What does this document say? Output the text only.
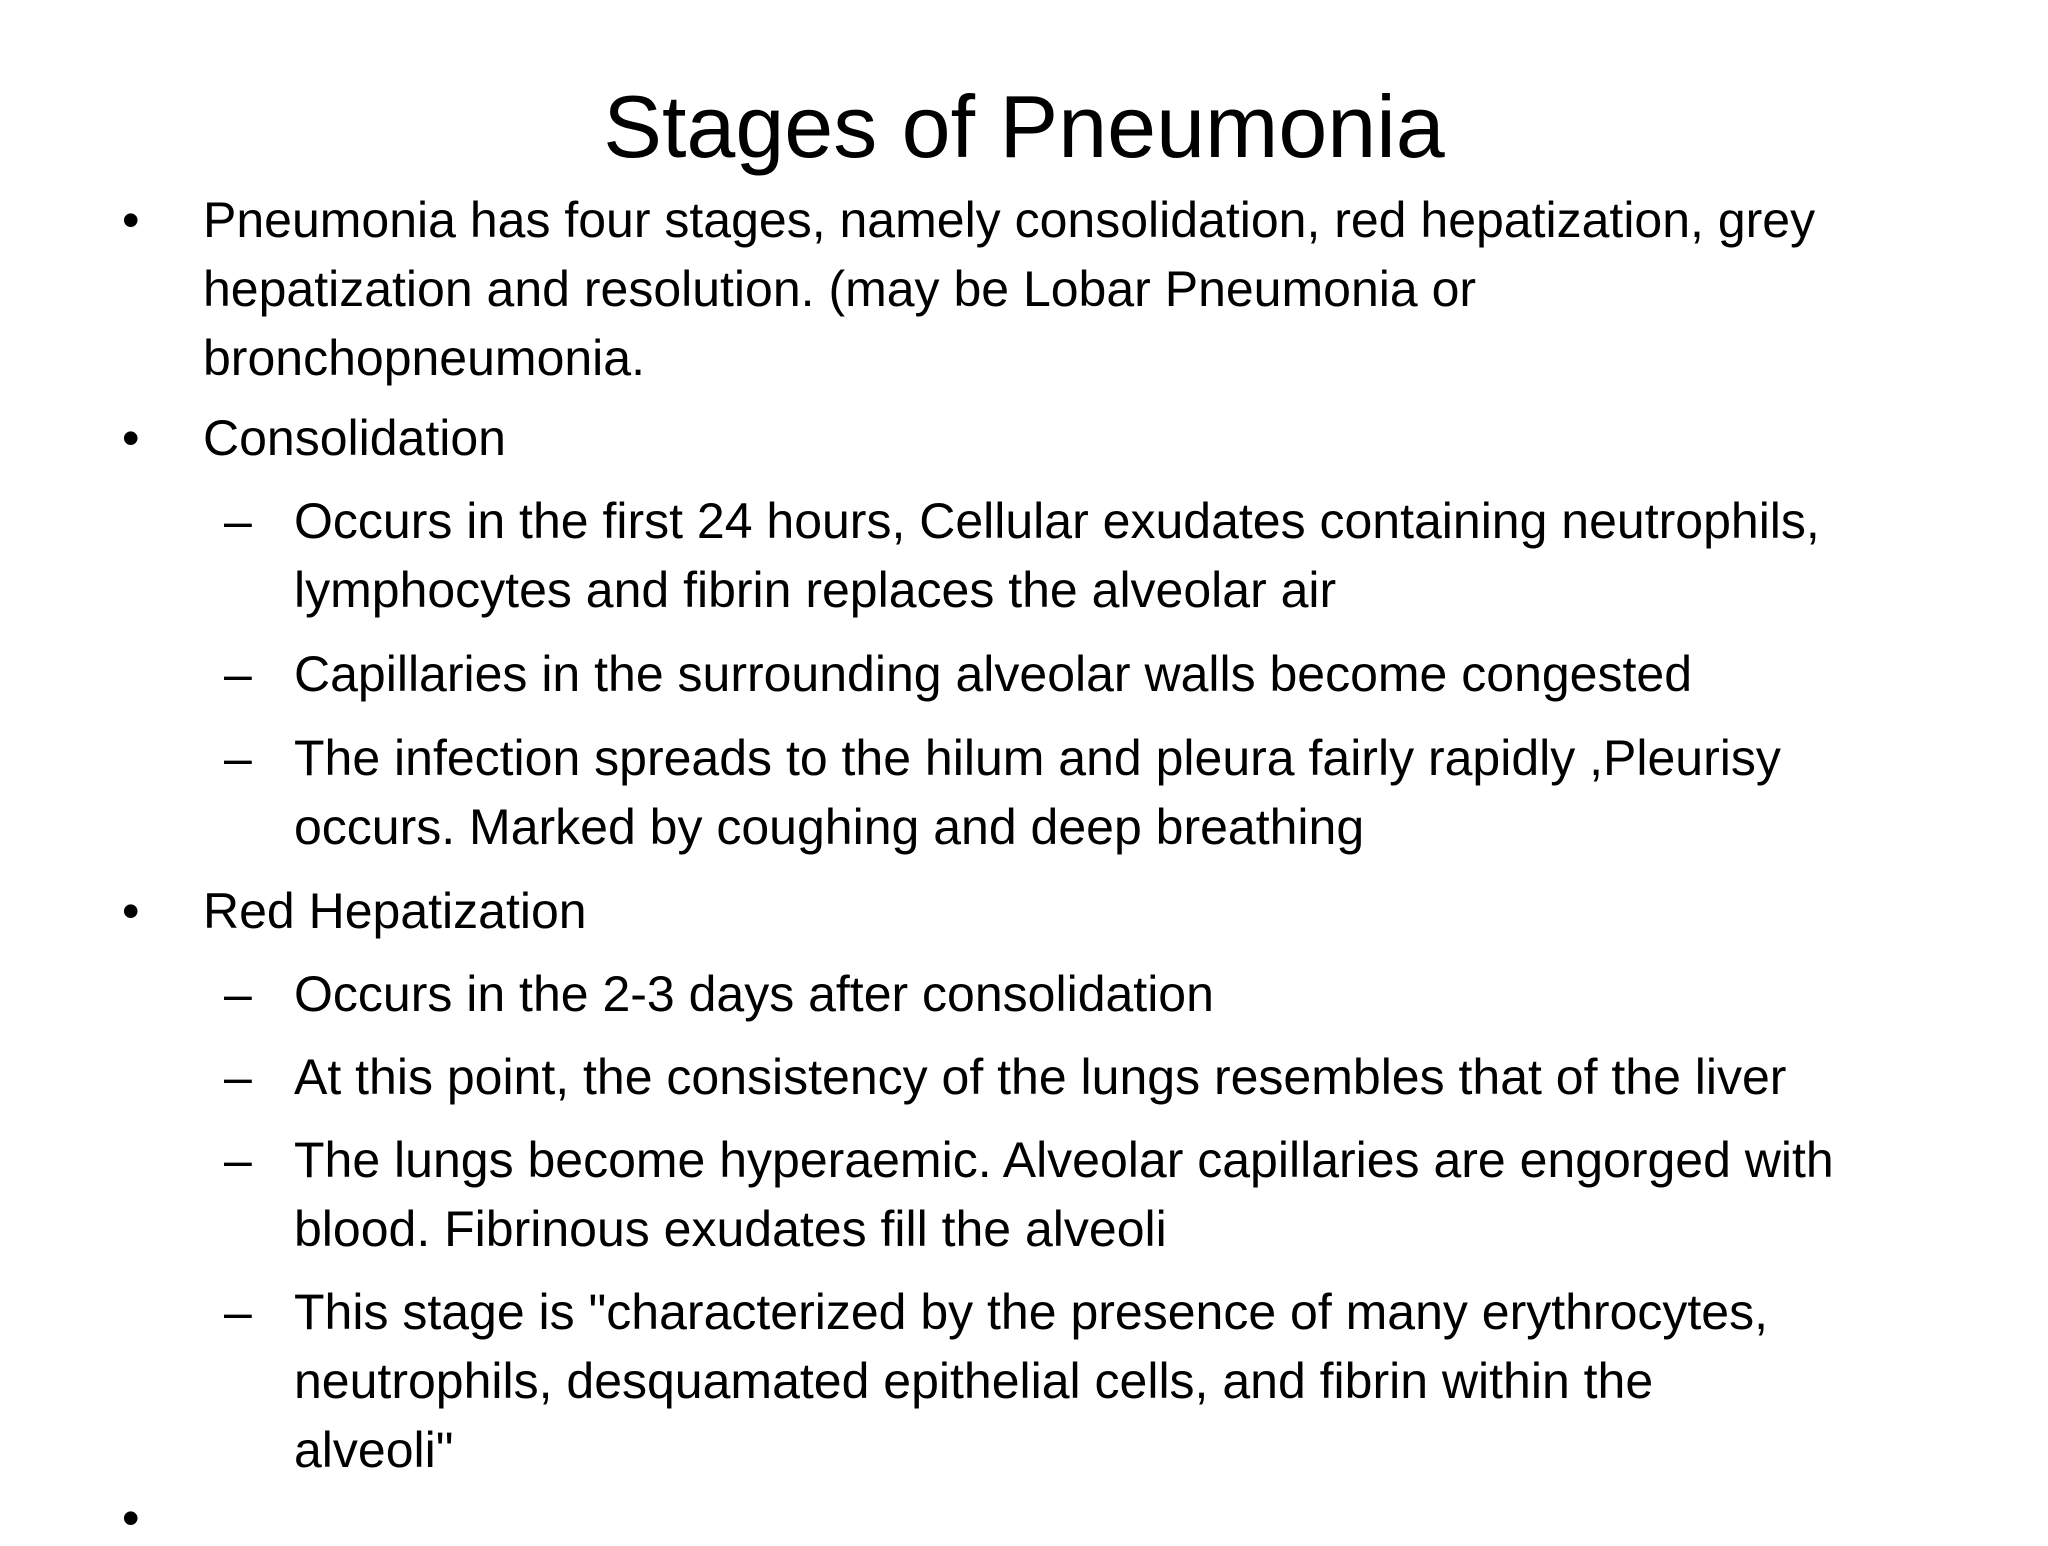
Stages of Pneumonia
• Pneumonia has four stages, namely consolidation, red hepatization, grey
hepatization and resolution. (may be Lobar Pneumonia or
bronchopneumonia.
• Consolidation
– Occurs in the first 24 hours, Cellular exudates containing neutrophils,
lymphocytes and fibrin replaces the alveolar air
– Capillaries in the surrounding alveolar walls become congested
– The infection spreads to the hilum and pleura fairly rapidly ,Pleurisy
occurs. Marked by coughing and deep breathing
• Red Hepatization
– Occurs in the 2-3 days after consolidation
– At this point, the consistency of the lungs resembles that of the liver
– The lungs become hyperaemic. Alveolar capillaries are engorged with
blood. Fibrinous exudates fill the alveoli
– This stage is "characterized by the presence of many erythrocytes,
neutrophils, desquamated epithelial cells, and fibrin within the
alveoli"
•
